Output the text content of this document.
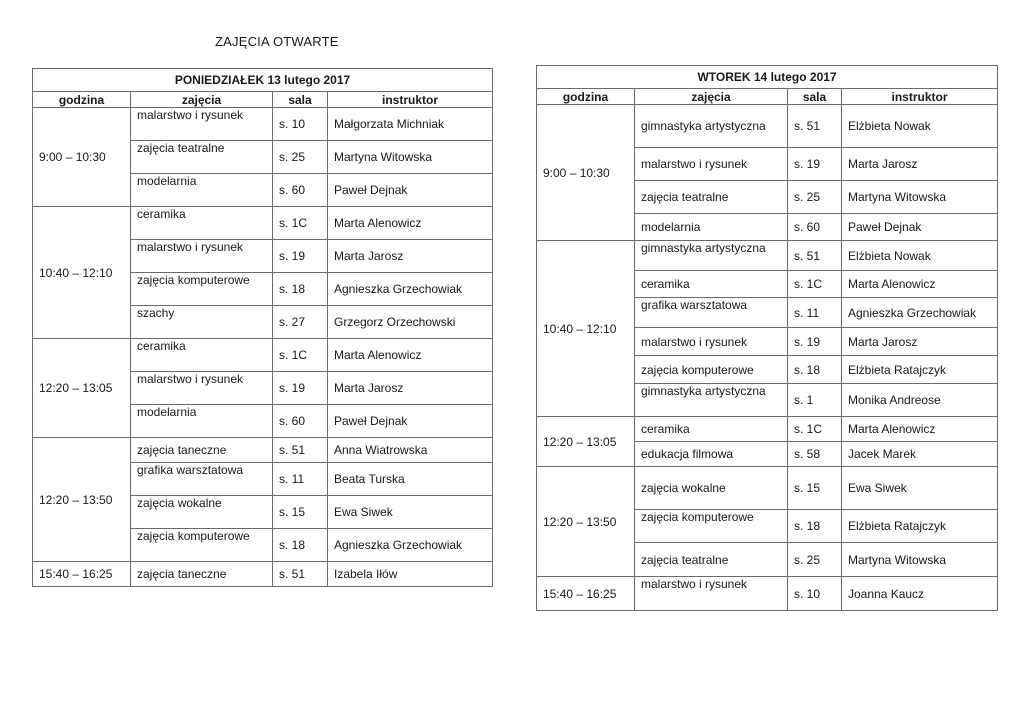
ZAJĘCIA OTWARTE
PONIEDZIAŁEK 13 lutego 2017			
godzina	zajęcia	sala	instruktor
9:00 – 10:30	malarstwo i rysunek	s. 10	Małgorzata Michniak
	zajęcia teatralne	s. 25	Martyna Witowska
	modelarnia	s. 60	Paweł Dejnak
10:40 – 12:10	ceramika	s. 1C	Marta Alenowicz
	malarstwo i rysunek	s. 19	Marta Jarosz
	zajęcia komputerowe	s. 18	Agnieszka Grzechowiak
	szachy	s. 27	Grzegorz Orzechowski
12:20 – 13:05	ceramika	s. 1C	Marta Alenowicz
	malarstwo i rysunek	s. 19	Marta Jarosz
	modelarnia	s. 60	Paweł Dejnak
12:20 – 13:50	zajęcia taneczne	s. 51	Anna Wiatrowska
	grafika warsztatowa	s. 11	Beata Turska
	zajęcia wokalne	s. 15	Ewa Siwek
	zajęcia komputerowe	s. 18	Agnieszka Grzechowiak
15:40 – 16:25	zajęcia taneczne	s. 51	Izabela Iłów
WTOREK 14 lutego 2017			
godzina	zajęcia	sala	instruktor
9:00 – 10:30	gimnastyka artystyczna	s. 51	Elżbieta Nowak
	malarstwo i rysunek	s. 19	Marta Jarosz
	zajęcia teatralne	s. 25	Martyna Witowska
	modelarnia	s. 60	Paweł Dejnak
10:40 – 12:10	gimnastyka artystyczna	s. 51	Elżbieta Nowak
	ceramika	s. 1C	Marta Alenowicz
	grafika warsztatowa	s. 11	Agnieszka Grzechowiak
	malarstwo i rysunek	s. 19	Marta Jarosz
	zajęcia komputerowe	s. 18	Elżbieta Ratajczyk
	gimnastyka artystyczna	s. 1	Monika Andreose
12:20 – 13:05	ceramika	s. 1C	Marta Alenowicz
	edukacja filmowa	s. 58	Jacek Marek
12:20 – 13:50	zajęcia wokalne	s. 15	Ewa Siwek
	zajęcia komputerowe	s. 18	Elżbieta Ratajczyk
	zajęcia teatralne	s. 25	Martyna Witowska
15:40 – 16:25	malarstwo i rysunek	s. 10	Joanna Kaucz
